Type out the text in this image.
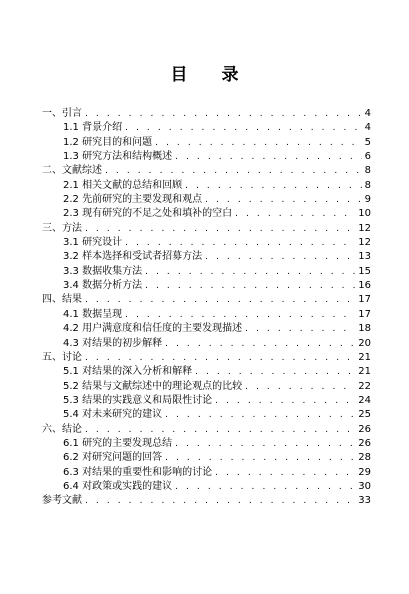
目 录
一、引言 . . .	4
1.1 背景介绍 . . .	4
1.2 研究目的和问题 . . .	5
1.3 研究方法和结构概述 . . .	6
二、文献综述 . . .	8
2.1 相关文献的总结和回顾 . . .	8
2.2 先前研究的主要发现和观点 . . .	9
2.3 现有研究的不足之处和填补的空白 . . .	10
三、方法 . . .	12
3.1 研究设计 . . .	12
3.2 样本选择和受试者招募方法 . . .	13
3.3 数据收集方法 . . .	15
3.4 数据分析方法 . . .	16
四、结果 . . .	17
4.1 数据呈现 . . .	17
4.2 用户满意度和信任度的主要发现描述 . . .	18
4.3 对结果的初步解释 . . .	20
五、讨论 . . .	21
5.1 对结果的深入分析和解释 . . .	21
5.2 结果与文献综述中的理论观点的比较 . . .	22
5.3 结果的实践意义和局限性讨论 . . .	24
5.4 对未来研究的建议 . . .	25
六、结论 . . .	26
6.1 研究的主要发现总结 . . .	26
6.2 对研究问题的回答 . . .	28
6.3 对结果的重要性和影响的讨论 . . .	29
6.4 对政策或实践的建议 . . .	30
参考文献 . . .	33
